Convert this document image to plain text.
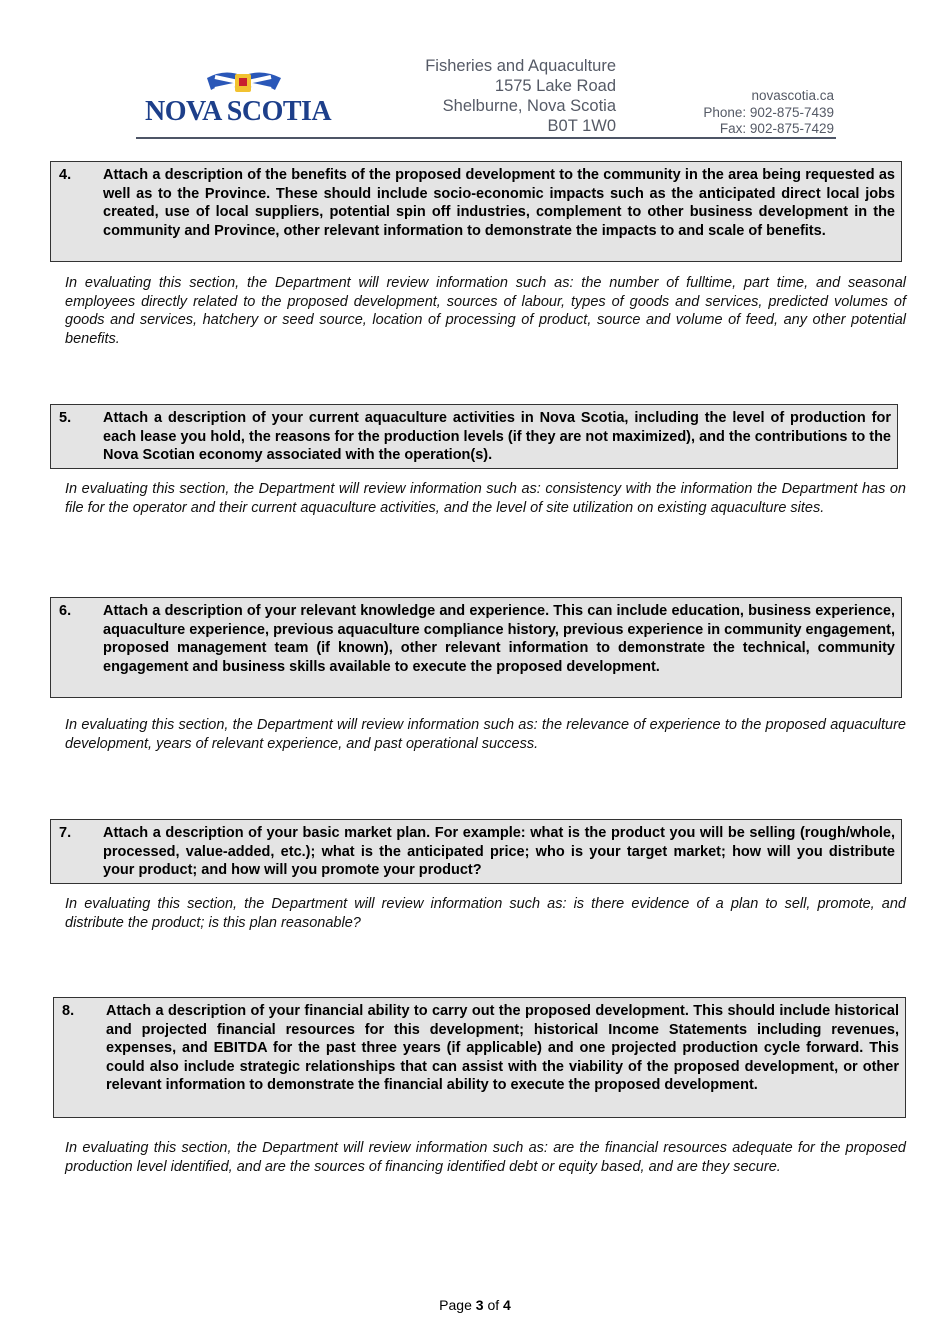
NOVA SCOTIA
Fisheries and Aquaculture
1575 Lake Road
Shelburne, Nova Scotia
B0T 1W0
novascotia.ca
Phone: 902-875-7439
Fax: 902-875-7429
4. Attach a description of the benefits of the proposed development to the community in the area being requested as well as to the Province. These should include socio-economic impacts such as the anticipated direct local jobs created, use of local suppliers, potential spin off industries, complement to other business development in the community and Province, other relevant information to demonstrate the impacts to and scale of benefits.
In evaluating this section, the Department will review information such as: the number of fulltime, part time, and seasonal employees directly related to the proposed development, sources of labour, types of goods and services, predicted volumes of goods and services, hatchery or seed source, location of processing of product, source and volume of feed, any other potential benefits.
5. Attach a description of your current aquaculture activities in Nova Scotia, including the level of production for each lease you hold, the reasons for the production levels (if they are not maximized), and the contributions to the Nova Scotian economy associated with the operation(s).
In evaluating this section, the Department will review information such as: consistency with the information the Department has on file for the operator and their current aquaculture activities, and the level of site utilization on existing aquaculture sites.
6. Attach a description of your relevant knowledge and experience. This can include education, business experience, aquaculture experience, previous aquaculture compliance history, previous experience in community engagement, proposed management team (if known), other relevant information to demonstrate the technical, community engagement and business skills available to execute the proposed development.
In evaluating this section, the Department will review information such as: the relevance of experience to the proposed aquaculture development, years of relevant experience, and past operational success.
7. Attach a description of your basic market plan. For example: what is the product you will be selling (rough/whole, processed, value-added, etc.); what is the anticipated price; who is your target market; how will you distribute your product; and how will you promote your product?
In evaluating this section, the Department will review information such as: is there evidence of a plan to sell, promote, and distribute the product; is this plan reasonable?
8. Attach a description of your financial ability to carry out the proposed development. This should include historical and projected financial resources for this development; historical Income Statements including revenues, expenses, and EBITDA for the past three years (if applicable) and one projected production cycle forward. This could also include strategic relationships that can assist with the viability of the proposed development, or other relevant information to demonstrate the financial ability to execute the proposed development.
In evaluating this section, the Department will review information such as: are the financial resources adequate for the proposed production level identified, and are the sources of financing identified debt or equity based, and are they secure.
Page 3 of 4
